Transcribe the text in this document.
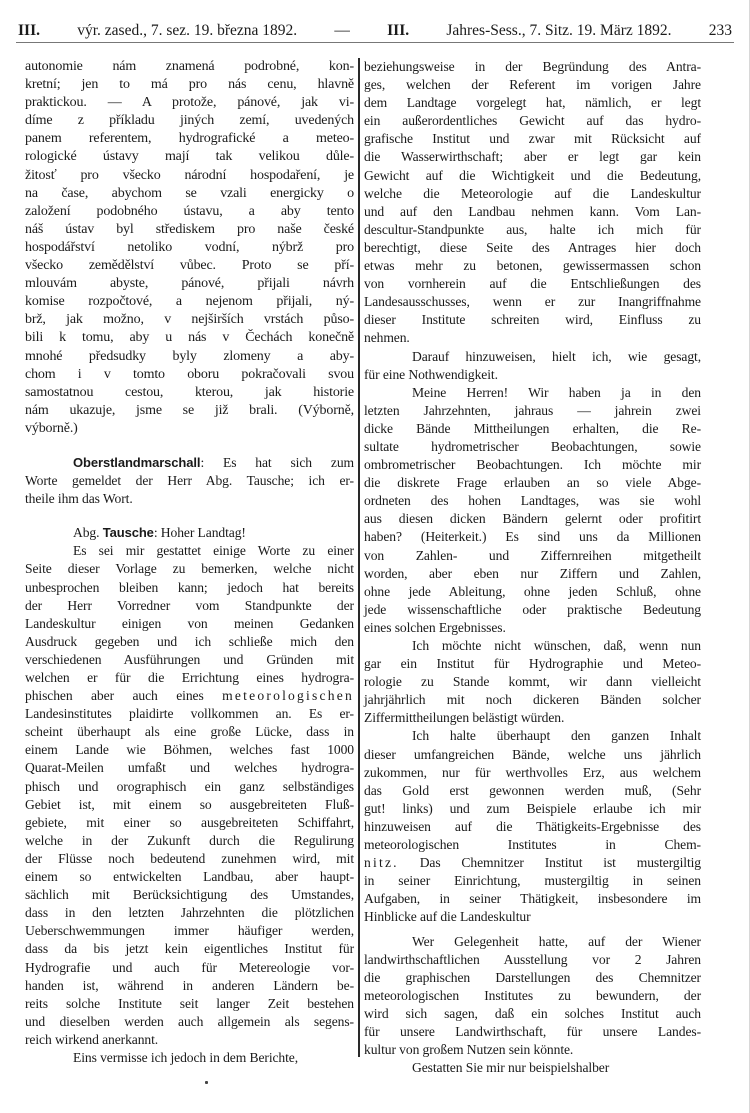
III. výr. zased., 7. sez. 19. března 1892. — III. Jahres-Sess., 7. Sitz. 19. März 1892. 233
autonomie nám znamená podrobné, kon-
kretní; jen to má pro nás cenu, hlavně
praktickou. — A protože, pánové, jak vi-
díme z příkladu jiných zemí, uvedených
panem referentem, hydrografické a meteo-
rologické ústavy mají tak velikou důle-
žitosť pro všecko národní hospodaření, je
na čase, abychom se vzali energicky o
založení podobného ústavu, a aby tento
náš ústav byl střediskem pro naše české
hospodářství netoliko vodní, nýbrž pro
všecko zemědělství vůbec. Proto se pří-
mlouvám abyste, pánové, přijali návrh
komise rozpočtové, a nejenom přijali, ný-
brž, jak možno, v nejširších vrstách půso-
bili k tomu, aby u nás v Čechách konečně
mnohé předsudky byly zlomeny a aby-
chom i v tomto oboru pokračovali svou
samostatnou cestou, kterou, jak historie
nám ukazuje, jsme se již brali. (Výborně,
výborně.)
Oberstlandmarschall: Es hat sich zum
Worte gemeldet der Herr Abg. Tausche; ich er-
theile ihm das Wort.
Abg. Tausche: Hoher Landtag!
Es sei mir gestattet einige Worte zu einer
Seite dieser Vorlage zu bemerken, welche nicht
unbesprochen bleiben kann; jedoch hat bereits
der Herr Vorredner vom Standpunkte der
Landeskultur einigen von meinen Gedanken
Ausdruck gegeben und ich schließe mich den
verschiedenen Ausführungen und Gründen mit
welchen er für die Errichtung eines hydrogra-
phischen aber auch eines meteorologischen
Landesinstitutes plaidirte vollkommen an. Es er-
scheint überhaupt als eine große Lücke, dass in
einem Lande wie Böhmen, welches fast 1000
Quarat-Meilen umfaßt und welches hydrogra-
phisch und orographisch ein ganz selbständiges
Gebiet ist, mit einem so ausgebreiteten Fluß-
gebiete, mit einer so ausgebreiteten Schiffahrt,
welche in der Zukunft durch die Regulirung
der Flüsse noch bedeutend zunehmen wird, mit
einem so entwickelten Landbau, aber haupt-
sächlich mit Berücksichtigung des Umstandes,
dass in den letzten Jahrzehnten die plötzlichen
Ueberschwemmungen immer häufiger werden,
dass da bis jetzt kein eigentliches Institut für
Hydrografie und auch für Metereologie vor-
handen ist, während in anderen Ländern be-
reits solche Institute seit langer Zeit bestehen
und dieselben werden auch allgemein als segens-
reich wirkend anerkannt.
Eins vermisse ich jedoch in dem Berichte,
beziehungsweise in der Begründung des Antra-
ges, welchen der Referent im vorigen Jahre
dem Landtage vorgelegt hat, nämlich, er legt
ein außerordentliches Gewicht auf das hydro-
grafische Institut und zwar mit Rücksicht auf
die Wasserwirthschaft; aber er legt gar kein
Gewicht auf die Wichtigkeit und die Bedeutung,
welche die Meteorologie auf die Landeskultur
und auf den Landbau nehmen kann. Vom Lan-
descultur-Standpunkte aus, halte ich mich für
berechtigt, diese Seite des Antrages hier doch
etwas mehr zu betonen, gewissermassen schon
von vornherein auf die Entschließungen des
Landesausschusses, wenn er zur Inangriffnahme
dieser Institute schreiten wird, Einfluss zu
nehmen.
Darauf hinzuweisen, hielt ich, wie gesagt,
für eine Nothwendigkeit.
Meine Herren! Wir haben ja in den
letzten Jahrzehnten, jahraus — jahrein zwei
dicke Bände Mittheilungen erhalten, die Re-
sultate hydrometrischer Beobachtungen, sowie
ombrometrischer Beobachtungen. Ich möchte mir
die diskrete Frage erlauben an so viele Abge-
ordneten des hohen Landtages, was sie wohl
aus diesen dicken Bändern gelernt oder profitirt
haben? (Heiterkeit.) Es sind uns da Millionen
von Zahlen- und Ziffernreihen mitgetheilt
worden, aber eben nur Ziffern und Zahlen,
ohne jede Ableitung, ohne jeden Schluß, ohne
jede wissenschaftliche oder praktische Bedeutung
eines solchen Ergebnisses.
Ich möchte nicht wünschen, daß, wenn nun
gar ein Institut für Hydrographie und Meteo-
rologie zu Stande kommt, wir dann vielleicht
jahrjährlich mit noch dickeren Bänden solcher
Ziffermittheilungen belästigt würden.
Ich halte überhaupt den ganzen Inhalt
dieser umfangreichen Bände, welche uns jährlich
zukommen, nur für werthvolles Erz, aus welchem
das Gold erst gewonnen werden muß, (Sehr
gut! links) und zum Beispiele erlaube ich mir
hinzuweisen auf die Thätigkeits-Ergebnisse des
meteorologischen Institutes in Chem-
nitz. Das Chemnitzer Institut ist mustergiltig
in seiner Einrichtung, mustergiltig in seinen
Aufgaben, in seiner Thätigkeit, insbesondere im
Hinblicke auf die Landeskultur
Wer Gelegenheit hatte, auf der Wiener
landwirthschaftlichen Ausstellung vor 2 Jahren
die graphischen Darstellungen des Chemnitzer
meteorologischen Institutes zu bewundern, der
wird sich sagen, daß ein solches Institut auch
für unsere Landwirthschaft, für unsere Landes-
kultur von großem Nutzen sein könnte.
Gestatten Sie mir nur beispielshalber
